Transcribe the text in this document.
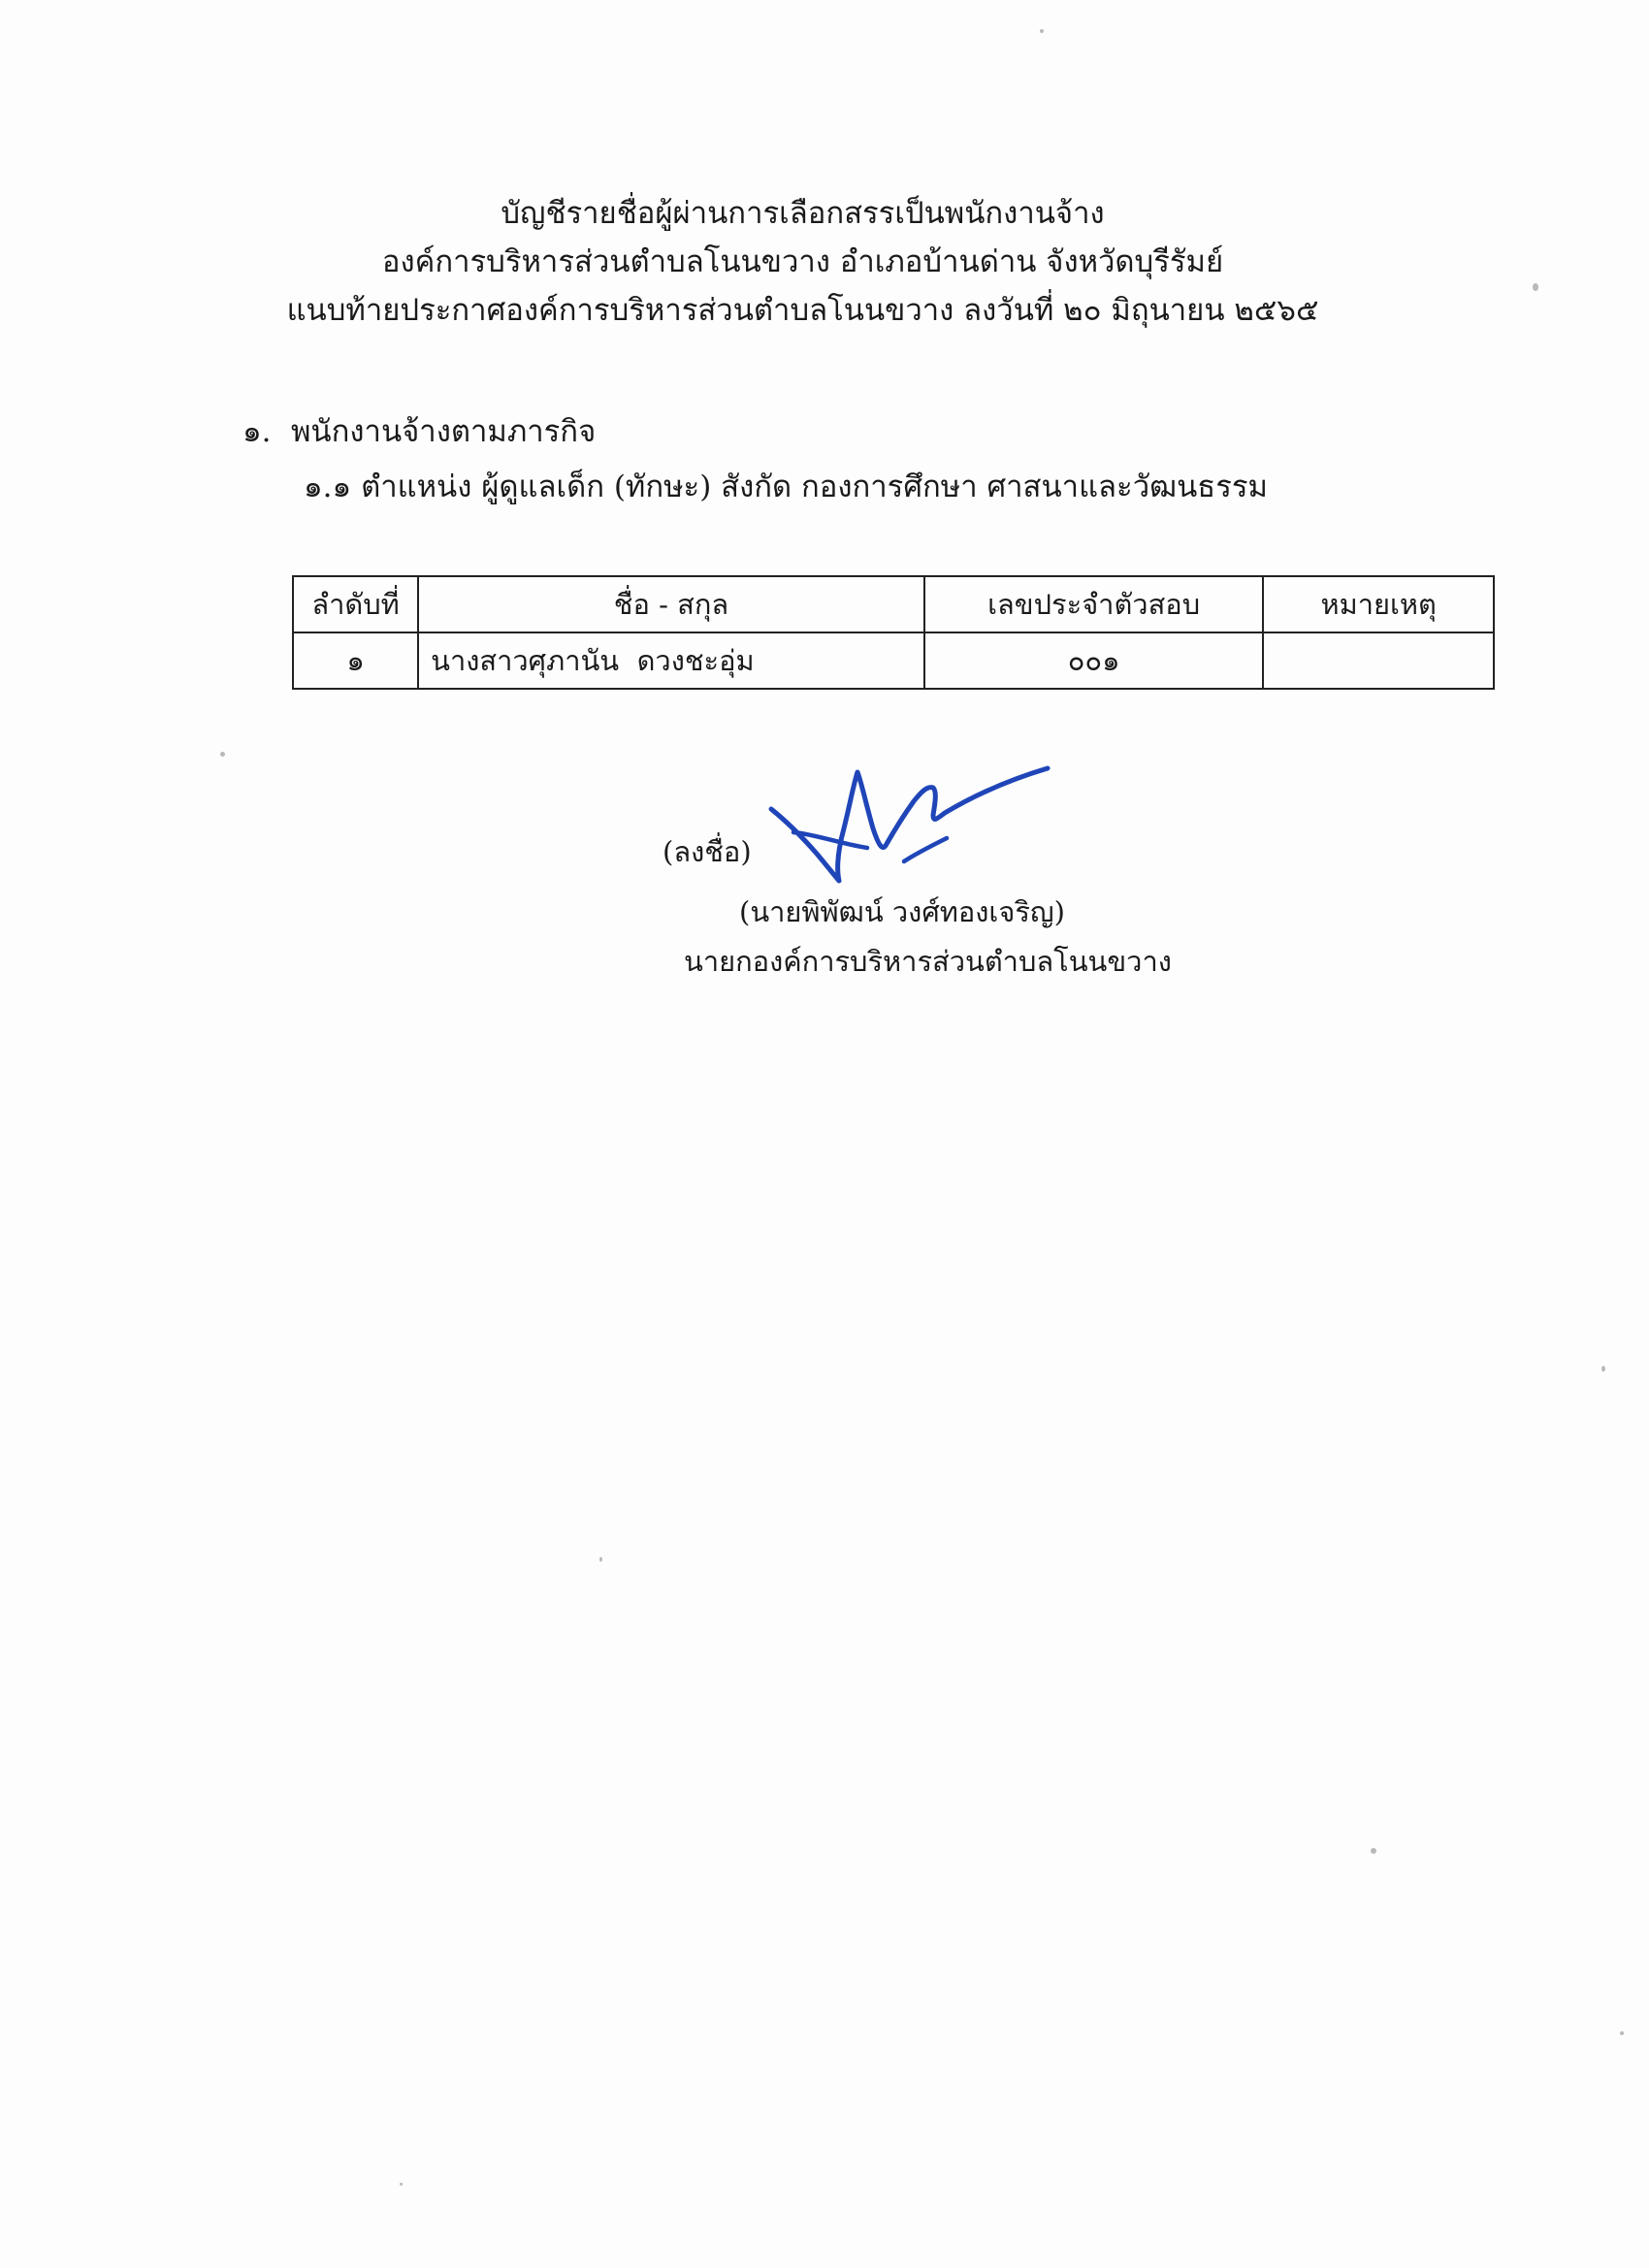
บัญชีรายชื่อผู้ผ่านการเลือกสรรเป็นพนักงานจ้าง
องค์การบริหารส่วนตำบลโนนขวาง อำเภอบ้านด่าน จังหวัดบุรีรัมย์
แนบท้ายประกาศองค์การบริหารส่วนตำบลโนนขวาง ลงวันที่ ๒๐ มิถุนายน ๒๕๖๕
๑. พนักงานจ้างตามภารกิจ
๑.๑ ตำแหน่ง ผู้ดูแลเด็ก (ทักษะ) สังกัด กองการศึกษา ศาสนาและวัฒนธรรม
ลำดับที่	ชื่อ - สกุล	เลขประจำตัวสอบ	หมายเหตุ
๑	นางสาวศุภานัน  ดวงชะอุ่ม	๐๐๑	
(ลงชื่อ)
(นายพิพัฒน์ วงศ์ทองเจริญ)
นายกองค์การบริหารส่วนตำบลโนนขวาง
